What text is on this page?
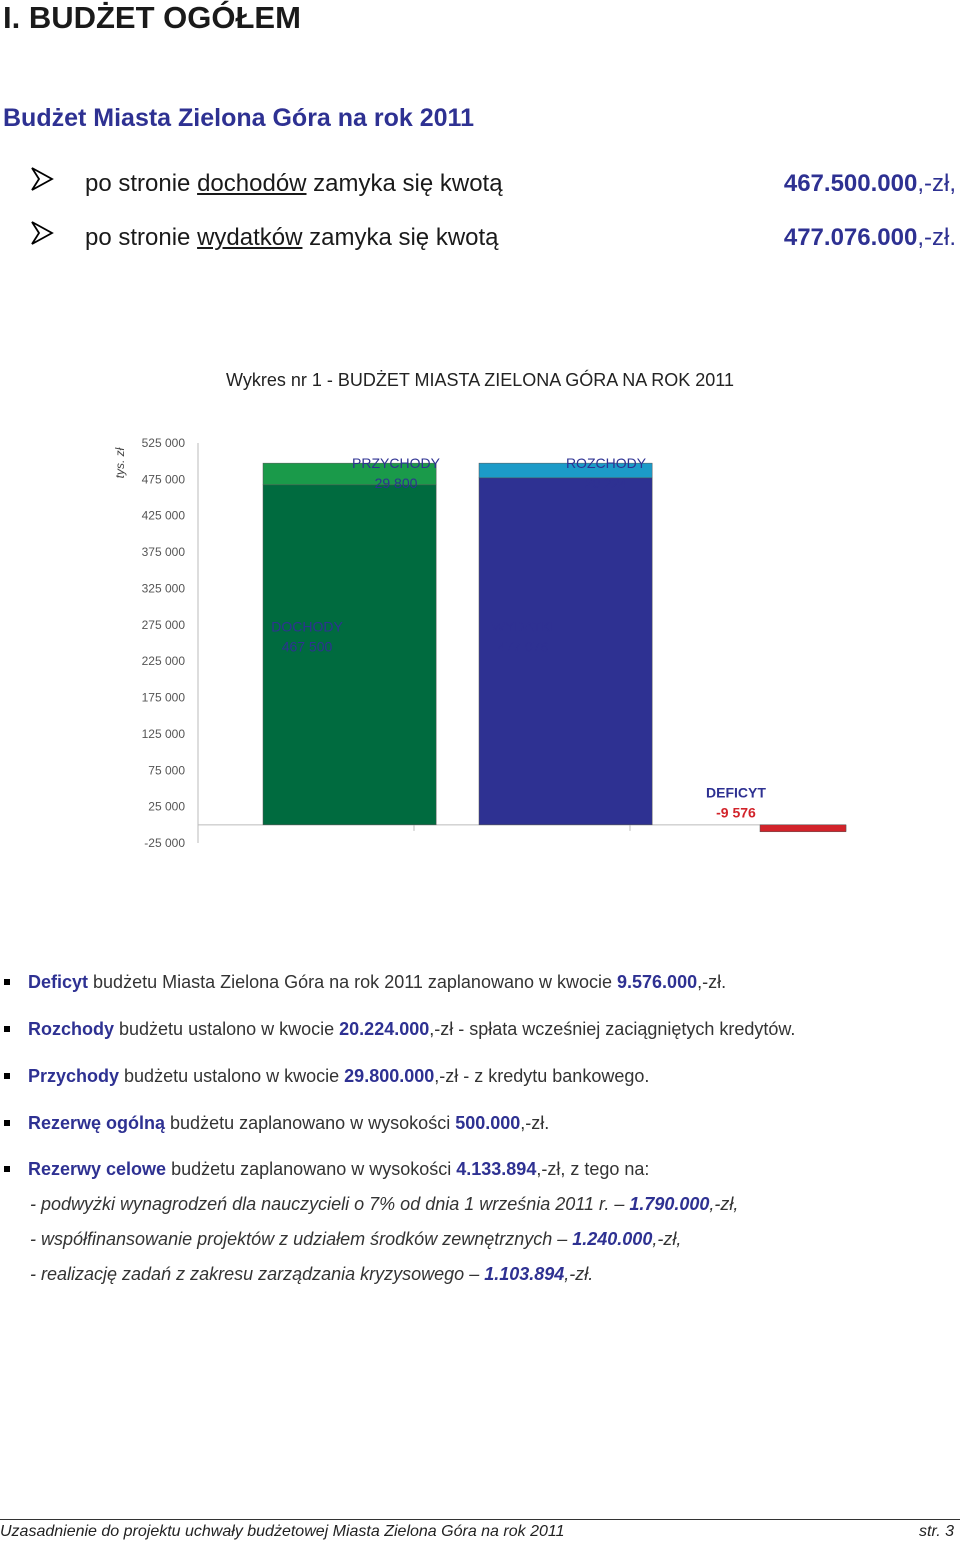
I. BUDŻET OGÓŁEM
Budżet Miasta Zielona Góra na rok 2011
po stronie dochodów zamyka się kwotą	467.500.000,-zł,
po stronie wydatków zamyka się kwotą	477.076.000,-zł.
Wykres nr 1 - BUDŻET MIASTA ZIELONA GÓRA NA ROK 2011
tys. zł
525 000
475 000
425 000
375 000
325 000
275 000
225 000
175 000
125 000
75 000
25 000
-25 000
DOCHODY
467 500
PRZYCHODY
29 800
WYDATKI
477 076
ROZCHODY
20 224
DEFICYT
-9 576
Deficyt budżetu Miasta Zielona Góra na rok 2011 zaplanowano w kwocie 9.576.000,-zł.
Rozchody budżetu ustalono w kwocie 20.224.000,-zł - spłata wcześniej zaciągniętych kredytów.
Przychody budżetu ustalono w kwocie 29.800.000,-zł - z kredytu bankowego.
Rezerwę ogólną budżetu zaplanowano w wysokości 500.000,-zł.
Rezerwy celowe budżetu zaplanowano w wysokości 4.133.894,-zł, z tego na:
- podwyżki wynagrodzeń dla nauczycieli o 7% od dnia 1 września 2011 r. – 1.790.000,-zł,
- współfinansowanie projektów z udziałem środków zewnętrznych – 1.240.000,-zł,
- realizację zadań z zakresu zarządzania kryzysowego – 1.103.894,-zł.
Uzasadnienie do projektu uchwały budżetowej Miasta Zielona Góra na rok 2011	str. 3
